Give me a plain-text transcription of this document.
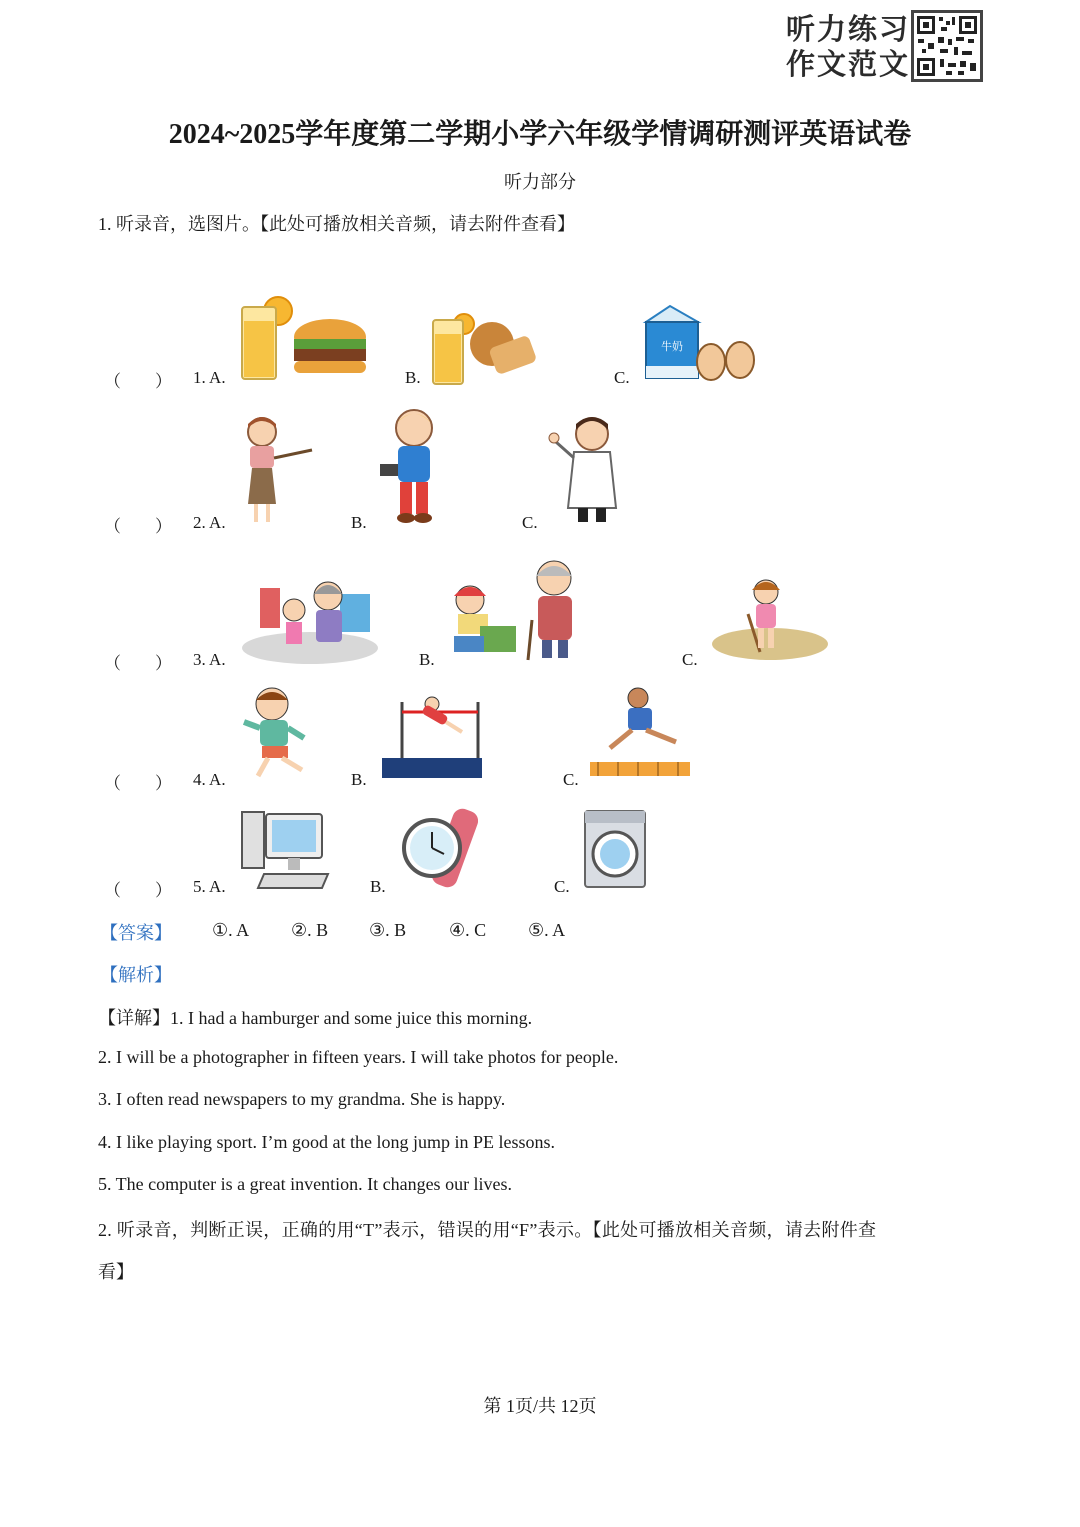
听力练习
作文范文
2024~2025学年度第二学期小学六年级学情调研测评英语试卷
听力部分
1. 听录音，选图片。【此处可播放相关音频，请去附件查看】
（　　） 1. A.	B.	C.
牛奶
（　　） 2. A.	B.	C.
（　　） 3. A.	B.	C.
（　　） 4. A.	B.	C.
（　　） 5. A.	B.	C.
【答案】 ①. A ②. B ③. B ④. C ⑤. A
【解析】
【详解】1. I had a hamburger and some juice this morning.
2. I will be a photographer in fifteen years. I will take photos for people.
3. I often read newspapers to my grandma. She is happy.
4. I like playing sport. I’m good at the long jump in PE lessons.
5. The computer is a great invention. It changes our lives.
2. 听录音，判断正误，正确的用“T”表示，错误的用“F”表示。【此处可播放相关音频，请去附件查
看】
第 1页/共 12页
